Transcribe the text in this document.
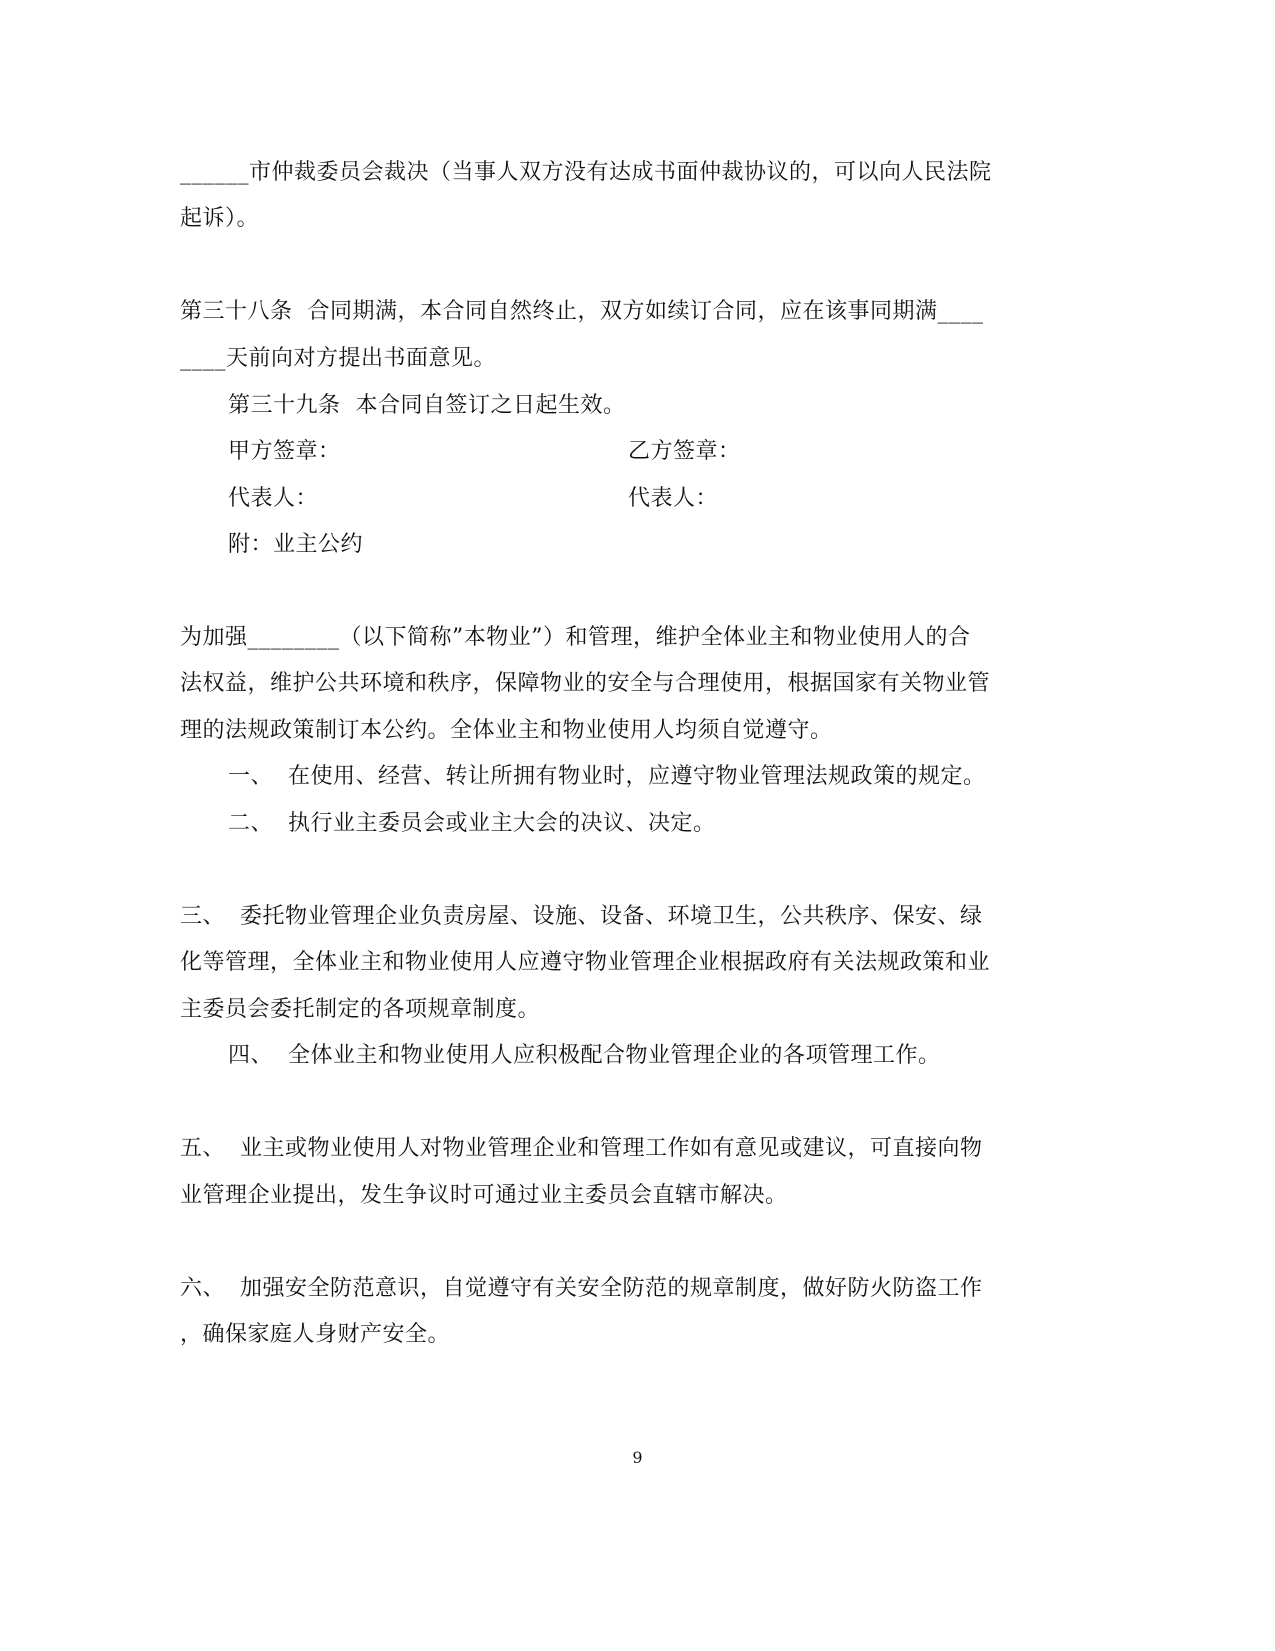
______市仲裁委员会裁决（当事人双方没有达成书面仲裁协议的，可以向人民法院
起诉）。
第三十八条  合同期满，本合同自然终止，双方如续订合同，应在该事同期满____
____天前向对方提出书面意见。
第三十九条  本合同自签订之日起生效。
甲方签章：	乙方签章：
代表人：	代表人：
附：业主公约
为加强________（以下简称”本物业”）和管理，维护全体业主和物业使用人的合
法权益，维护公共环境和秩序，保障物业的安全与合理使用，根据国家有关物业管
理的法规政策制订本公约。全体业主和物业使用人均须自觉遵守。
一、  在使用、经营、转让所拥有物业时，应遵守物业管理法规政策的规定。
二、  执行业主委员会或业主大会的决议、决定。
三、  委托物业管理企业负责房屋、设施、设备、环境卫生，公共秩序、保安、绿
化等管理，全体业主和物业使用人应遵守物业管理企业根据政府有关法规政策和业
主委员会委托制定的各项规章制度。
四、  全体业主和物业使用人应积极配合物业管理企业的各项管理工作。
五、  业主或物业使用人对物业管理企业和管理工作如有意见或建议，可直接向物
业管理企业提出，发生争议时可通过业主委员会直辖市解决。
六、  加强安全防范意识，自觉遵守有关安全防范的规章制度，做好防火防盗工作
，确保家庭人身财产安全。
9
